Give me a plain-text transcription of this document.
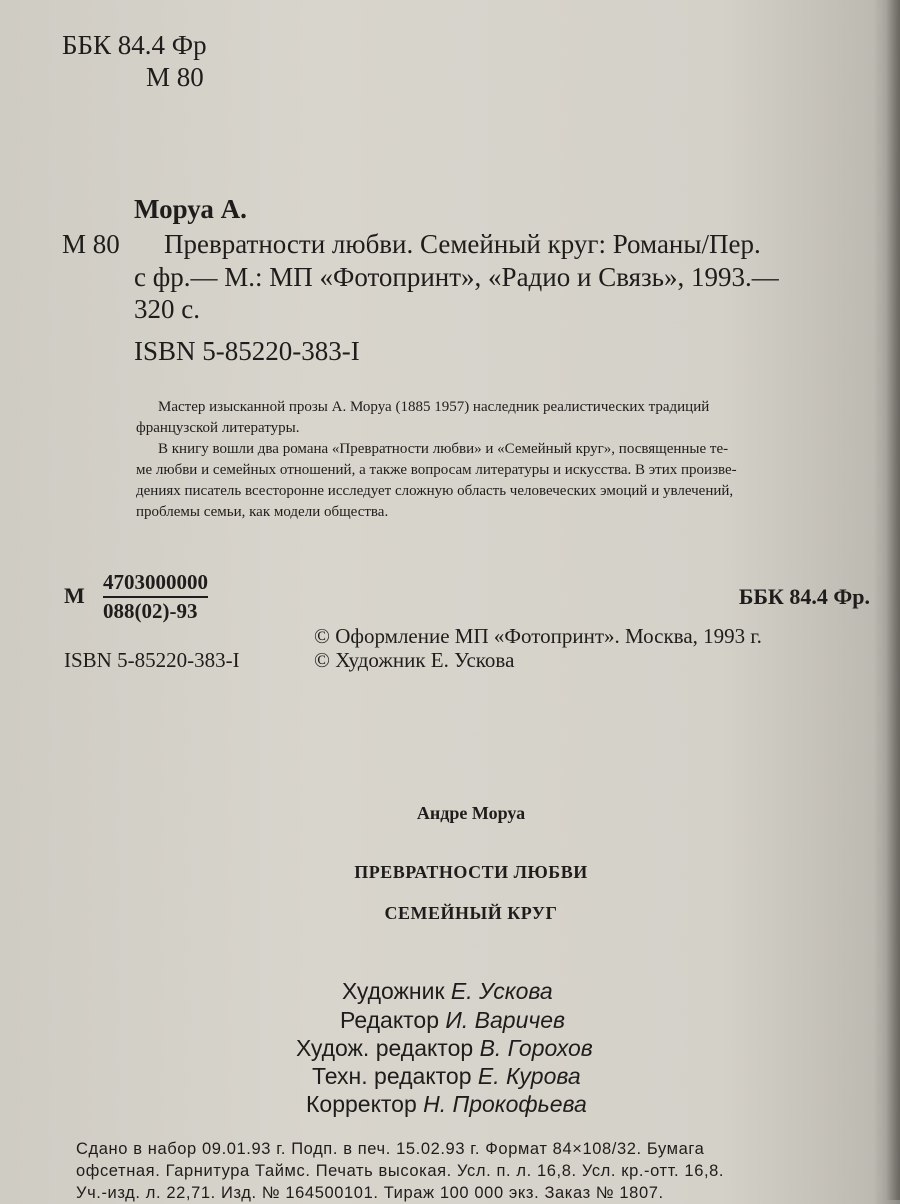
ББК 84.4 Фр
М 80
Моруа А.
М 80 Превратности любви. Семейный круг: Романы/Пер.
с фр.— М.: МП «Фотопринт», «Радио и Связь», 1993.—
320 с.
ISBN 5-85220-383-I
Мастер изысканной прозы А. Моруа (1885 1957) наследник реалистических традиций
французской литературы.
В книгу вошли два романа «Превратности любви» и «Семейный круг», посвященные те-
ме любви и семейных отношений, а также вопросам литературы и искусства. В этих произве-
дениях писатель всесторонне исследует сложную область человеческих эмоций и увлечений,
проблемы семьи, как модели общества.
М
4703000000
088(02)-93
ББК 84.4 Фр.
© Оформление МП «Фотопринт». Москва, 1993 г.
ISBN 5-85220-383-I	© Художник Е. Ускова
Андре Моруа
ПРЕВРАТНОСТИ ЛЮБВИ
СЕМЕЙНЫЙ КРУГ
Художник Е. Ускова
Редактор И. Варичев
Худож. редактор В. Горохов
Техн. редактор Е. Курова
Корректор Н. Прокофьева
Сдано в набор 09.01.93 г. Подп. в печ. 15.02.93 г. Формат 84×108/32. Бумага
офсетная. Гарнитура Таймс. Печать высокая. Усл. п. л. 16,8. Усл. кр.-отт. 16,8.
Уч.-изд. л. 22,71. Изд. № 164500101. Тираж 100 000 экз. Заказ № 1807.
